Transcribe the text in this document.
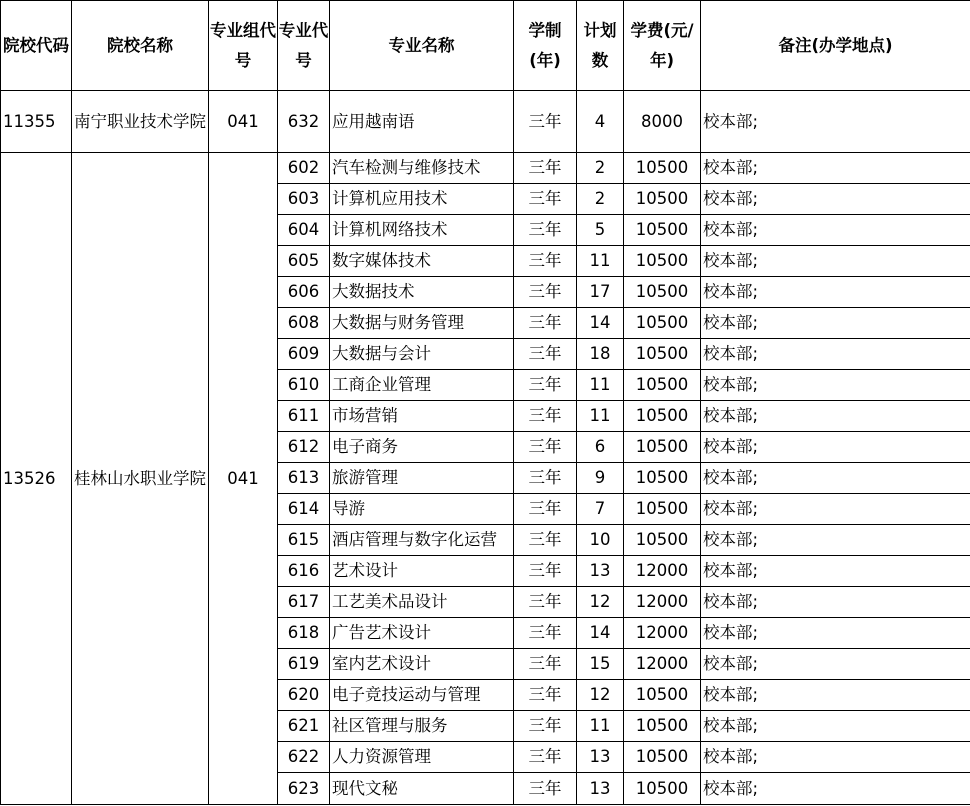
院校代码	院校名称	专业组代号	专业代号	专业名称	学制(年)	计划数	学费(元/年)	备注(办学地点)
11355	南宁职业技术学院	041	632	应用越南语	三年	4	8000	校本部;
13526	桂林山水职业学院	041	602	汽车检测与维修技术	三年	2	10500	校本部;
			603	计算机应用技术	三年	2	10500	校本部;
			604	计算机网络技术	三年	5	10500	校本部;
			605	数字媒体技术	三年	11	10500	校本部;
			606	大数据技术	三年	17	10500	校本部;
			608	大数据与财务管理	三年	14	10500	校本部;
			609	大数据与会计	三年	18	10500	校本部;
			610	工商企业管理	三年	11	10500	校本部;
			611	市场营销	三年	11	10500	校本部;
			612	电子商务	三年	6	10500	校本部;
			613	旅游管理	三年	9	10500	校本部;
			614	导游	三年	7	10500	校本部;
			615	酒店管理与数字化运营	三年	10	10500	校本部;
			616	艺术设计	三年	13	12000	校本部;
			617	工艺美术品设计	三年	12	12000	校本部;
			618	广告艺术设计	三年	14	12000	校本部;
			619	室内艺术设计	三年	15	12000	校本部;
			620	电子竞技运动与管理	三年	12	10500	校本部;
			621	社区管理与服务	三年	11	10500	校本部;
			622	人力资源管理	三年	13	10500	校本部;
			623	现代文秘	三年	13	10500	校本部;
